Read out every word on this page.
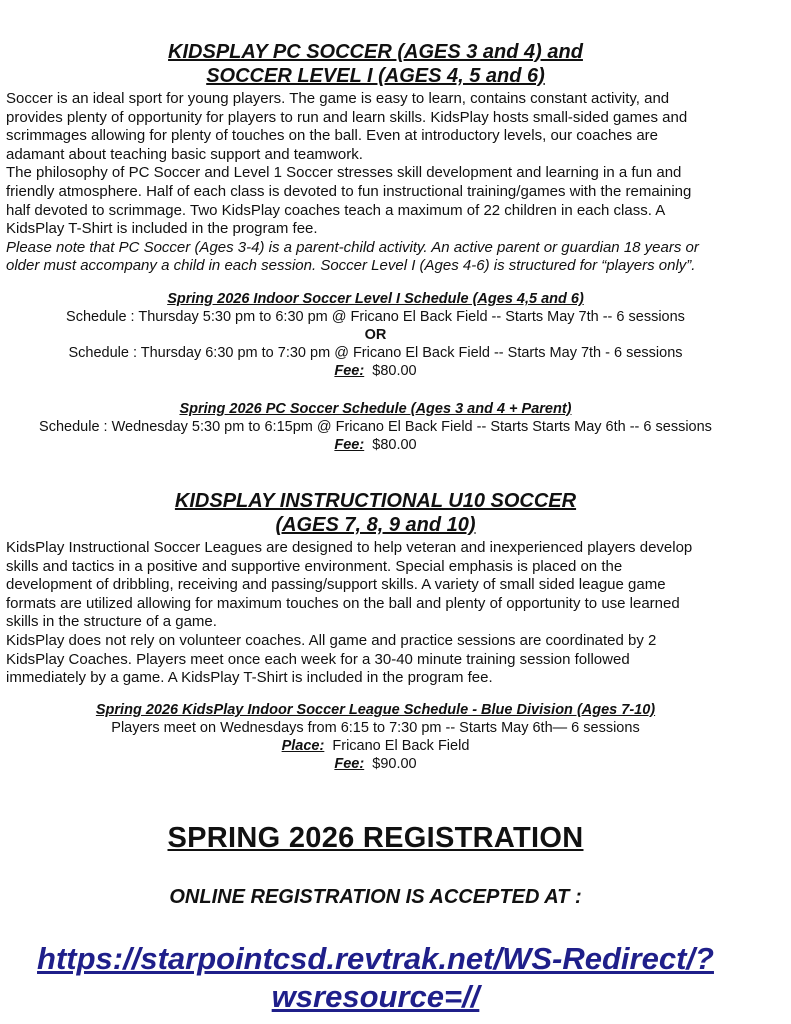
KIDSPLAY PC SOCCER (AGES 3 and 4) and

SOCCER LEVEL I (AGES 4, 5 and 6)

Soccer is an ideal sport for young players. The game is easy to learn, contains constant activity, and
provides plenty of opportunity for players to run and learn skills. KidsPlay hosts small-sided games and
scrimmages allowing for plenty of touches on the ball. Even at introductory levels, our coaches are
adamant about teaching basic support and teamwork.

The philosophy of PC Soccer and Level 1 Soccer stresses skill development and learning in a fun and
friendly atmosphere. Half of each class is devoted to fun instructional training/games with the remaining
half devoted to scrimmage. Two KidsPlay coaches teach a maximum of 22 children in each class. A
KidsPlay T-Shirt is included in the program fee.

Please note that PC Soccer (Ages 3-4) is a parent-child activity. An active parent or guardian 18 years or
older must accompany a child in each session. Soccer Level I (Ages 4-6) is structured for “players only”.

Spring 2026 Indoor Soccer Level I Schedule (Ages 4,5 and 6)

Schedule : Thursday 5:30 pm to 6:30 pm @ Fricano El Back Field -- Starts May 7th -- 6 sessions

OR

Schedule : Thursday 6:30 pm to 7:30 pm @ Fricano El Back Field -- Starts May 7th - 6 sessions

Fee: $80.00

Spring 2026 PC Soccer Schedule (Ages 3 and 4 + Parent)

Schedule : Wednesday 5:30 pm to 6:15pm @ Fricano El Back Field -- Starts Starts May 6th -- 6 sessions

Fee: $80.00

KIDSPLAY INSTRUCTIONAL U10 SOCCER

(AGES 7, 8, 9 and 10)

KidsPlay Instructional Soccer Leagues are designed to help veteran and inexperienced players develop
skills and tactics in a positive and supportive environment. Special emphasis is placed on the
development of dribbling, receiving and passing/support skills. A variety of small sided league game
formats are utilized allowing for maximum touches on the ball and plenty of opportunity to use learned
skills in the structure of a game.

KidsPlay does not rely on volunteer coaches. All game and practice sessions are coordinated by 2
KidsPlay Coaches. Players meet once each week for a 30-40 minute training session followed
immediately by a game. A KidsPlay T-Shirt is included in the program fee.

Spring 2026 KidsPlay Indoor Soccer League Schedule - Blue Division (Ages 7-10)

Players meet on Wednesdays from 6:15 to 7:30 pm -- Starts May 6th— 6 sessions

Place: Fricano El Back Field

Fee: $90.00

SPRING 2026 REGISTRATION

ONLINE REGISTRATION IS ACCEPTED AT :

https://starpointcsd.revtrak.net/WS-Redirect/?

wsresource=//
